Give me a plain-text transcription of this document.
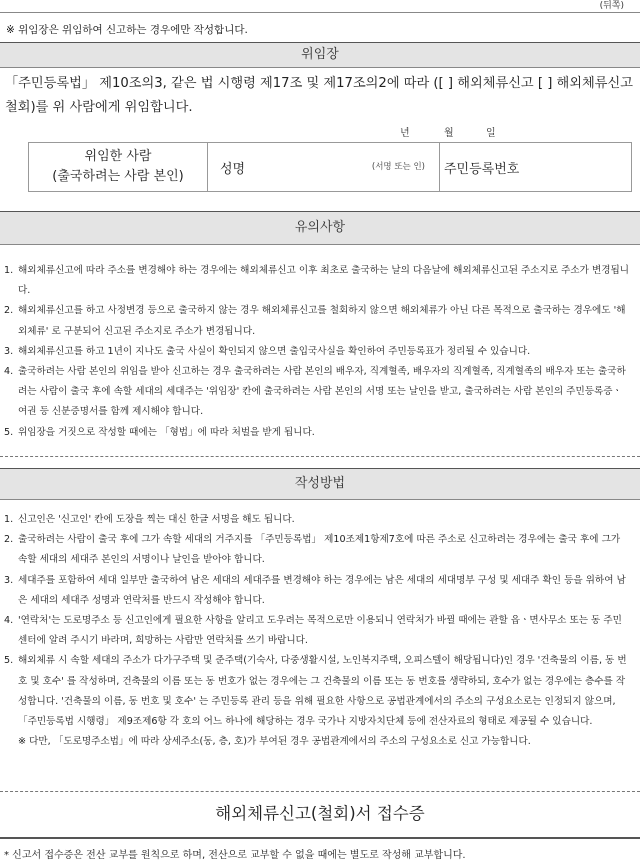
(뒤쪽)
※ 위임장은 위임하여 신고하는 경우에만 작성합니다.
위임장
「주민등록법」 제10조의3, 같은 법 시행령 제17조 및 제17조의2에 따라 ([ ] 해외체류신고 [ ] 해외체류신고 철회)를 위 사람에게 위임합니다.
년	월	일
위임한 사람
(출국하려는 사람 본인)	성명	(서명 또는 인)	주민등록번호
유의사항
1. 해외체류신고에 따라 주소를 변경해야 하는 경우에는 해외체류신고 이후 최초로 출국하는 날의 다음날에 해외체류신고된 주소지로 주소가 변경됩니다.
2. 해외체류신고를 하고 사정변경 등으로 출국하지 않는 경우 해외체류신고를 철회하지 않으면 해외체류가 아닌 다른 목적으로 출국하는 경우에도 '해외체류' 로 구분되어 신고된 주소지로 주소가 변경됩니다.
3. 해외체류신고를 하고 1년이 지나도 출국 사실이 확인되지 않으면 출입국사실을 확인하여 주민등록표가 정리될 수 있습니다.
4. 출국하려는 사람 본인의 위임을 받아 신고하는 경우 출국하려는 사람 본인의 배우자, 직계혈족, 배우자의 직계혈족, 직계혈족의 배우자 또는 출국하려는 사람이 출국 후에 속할 세대의 세대주는 '위임장' 칸에 출국하려는 사람 본인의 서명 또는 날인을 받고, 출국하려는 사람 본인의 주민등록증ㆍ여권 등 신분증명서를 함께 제시해야 합니다.
5. 위임장을 거짓으로 작성할 때에는 「형법」에 따라 처벌을 받게 됩니다.
작성방법
1. 신고인은 '신고인' 칸에 도장을 찍는 대신 한글 서명을 해도 됩니다.
2. 출국하려는 사람이 출국 후에 그가 속할 세대의 거주지를 「주민등록법」 제10조제1항제7호에 따른 주소로 신고하려는 경우에는 출국 후에 그가 속할 세대의 세대주 본인의 서명이나 날인을 받아야 합니다.
3. 세대주를 포함하여 세대 일부만 출국하여 남은 세대의 세대주를 변경해야 하는 경우에는 남은 세대의 세대명부 구성 및 세대주 확인 등을 위하여 남은 세대의 세대주 성명과 연락처를 반드시 작성해야 합니다.
4. '연락처'는 도로명주소 등 신고인에게 필요한 사항을 알리고 도우려는 목적으로만 이용되니 연락처가 바뀔 때에는 관할 읍ㆍ면사무소 또는 동 주민센터에 알려 주시기 바라며, 희망하는 사람만 연락처를 쓰기 바랍니다.
5. 해외체류 시 속할 세대의 주소가 다가구주택 및 준주택(기숙사, 다중생활시설, 노인복지주택, 오피스텔이 해당됩니다)인 경우 '건축물의 이름, 동 번호 및 호수' 를 작성하며, 건축물의 이름 또는 동 번호가 없는 경우에는 그 건축물의 이름 또는 동 번호를 생략하되, 호수가 없는 경우에는 층수를 작성합니다. '건축물의 이름, 동 번호 및 호수' 는 주민등록 관리 등을 위해 필요한 사항으로 공법관계에서의 주소의 구성요소로는 인정되지 않으며, 「주민등록법 시행령」 제9조제6항 각 호의 어느 하나에 해당하는 경우 국가나 지방자치단체 등에 전산자료의 형태로 제공될 수 있습니다.
※ 다만, 「도로명주소법」에 따라 상세주소(동, 층, 호)가 부여된 경우 공법관계에서의 주소의 구성요소로 신고 가능합니다.
해외체류신고(철회)서 접수증
* 신고서 접수증은 전산 교부를 원칙으로 하며, 전산으로 교부할 수 없을 때에는 별도로 작성해 교부합니다.
